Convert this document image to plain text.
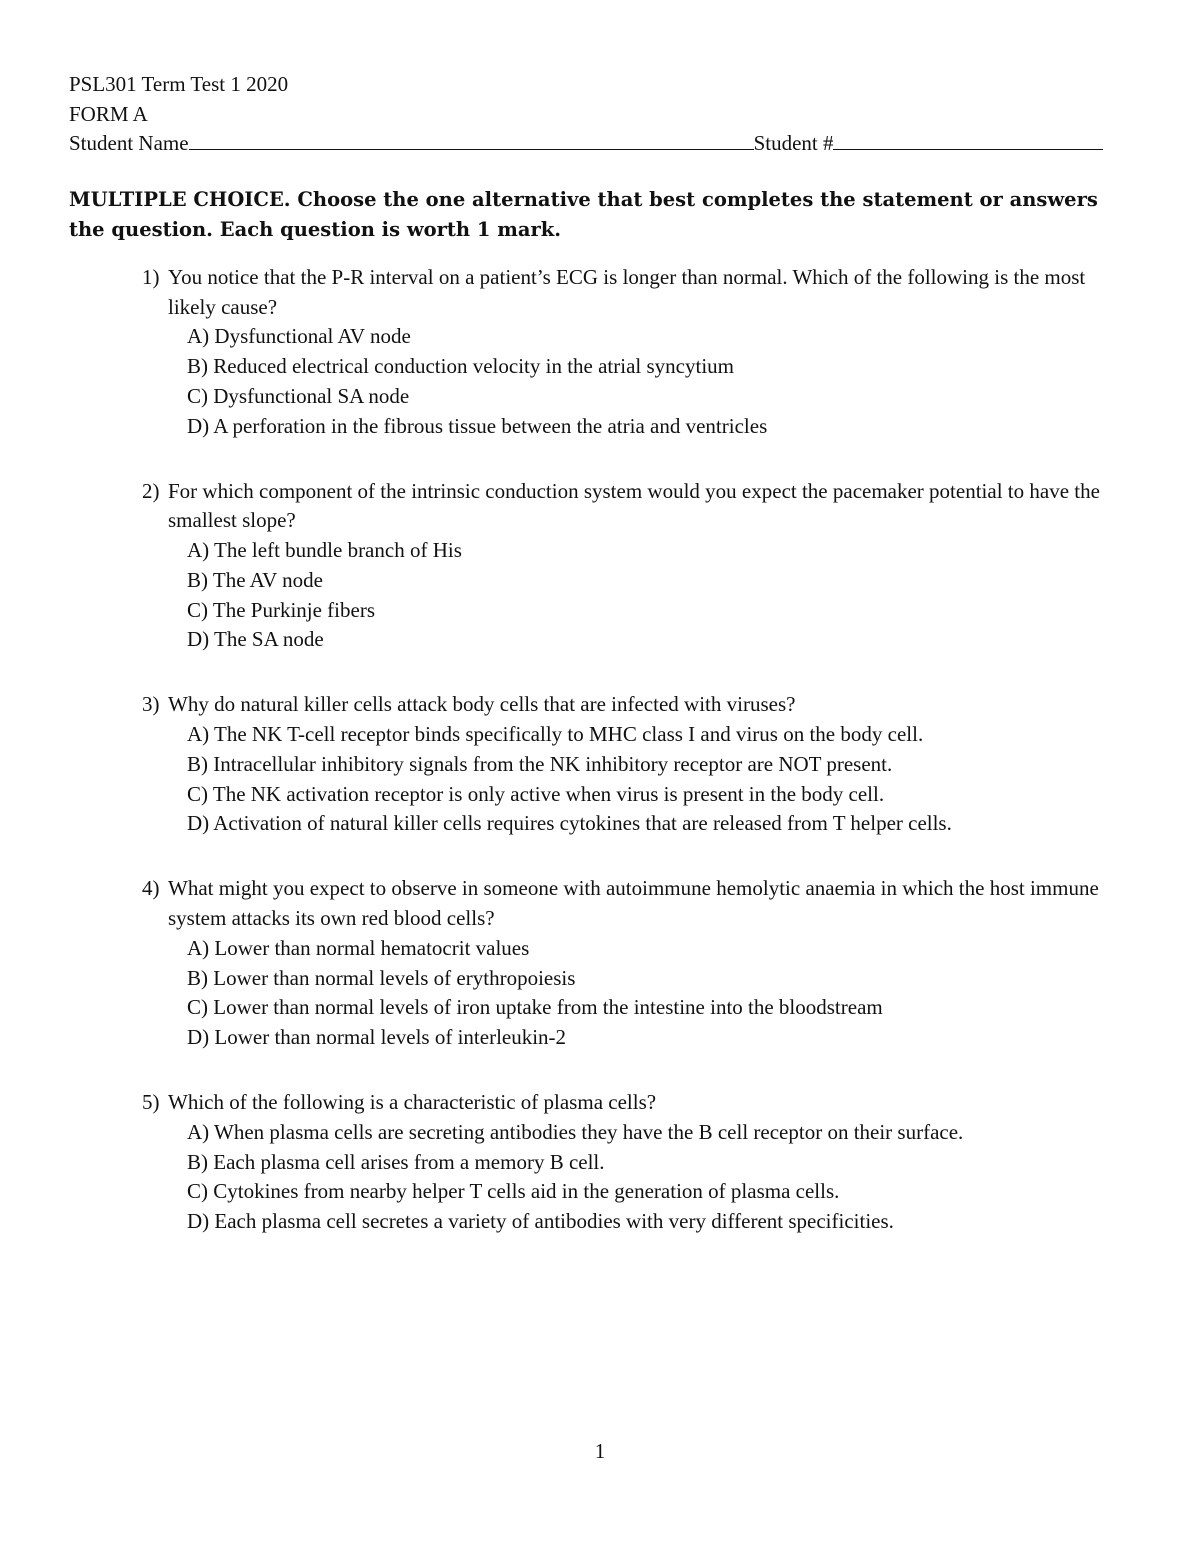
PSL301 Term Test 1 2020
FORM A
Student Name	Student #
MULTIPLE CHOICE. Choose the one alternative that best completes the statement or answers the question. Each question is worth 1 mark.
1) You notice that the P-R interval on a patient’s ECG is longer than normal. Which of the following is the most likely cause?
A) Dysfunctional AV node
B) Reduced electrical conduction velocity in the atrial syncytium
C) Dysfunctional SA node
D) A perforation in the fibrous tissue between the atria and ventricles
2) For which component of the intrinsic conduction system would you expect the pacemaker potential to have the smallest slope?
A) The left bundle branch of His
B) The AV node
C) The Purkinje fibers
D) The SA node
3) Why do natural killer cells attack body cells that are infected with viruses?
A) The NK T-cell receptor binds specifically to MHC class I and virus on the body cell.
B) Intracellular inhibitory signals from the NK inhibitory receptor are NOT present.
C) The NK activation receptor is only active when virus is present in the body cell.
D) Activation of natural killer cells requires cytokines that are released from T helper cells.
4) What might you expect to observe in someone with autoimmune hemolytic anaemia in which the host immune system attacks its own red blood cells?
A) Lower than normal hematocrit values
B) Lower than normal levels of erythropoiesis
C) Lower than normal levels of iron uptake from the intestine into the bloodstream
D) Lower than normal levels of interleukin-2
5) Which of the following is a characteristic of plasma cells?
A) When plasma cells are secreting antibodies they have the B cell receptor on their surface.
B) Each plasma cell arises from a memory B cell.
C) Cytokines from nearby helper T cells aid in the generation of plasma cells.
D) Each plasma cell secretes a variety of antibodies with very different specificities.
1
